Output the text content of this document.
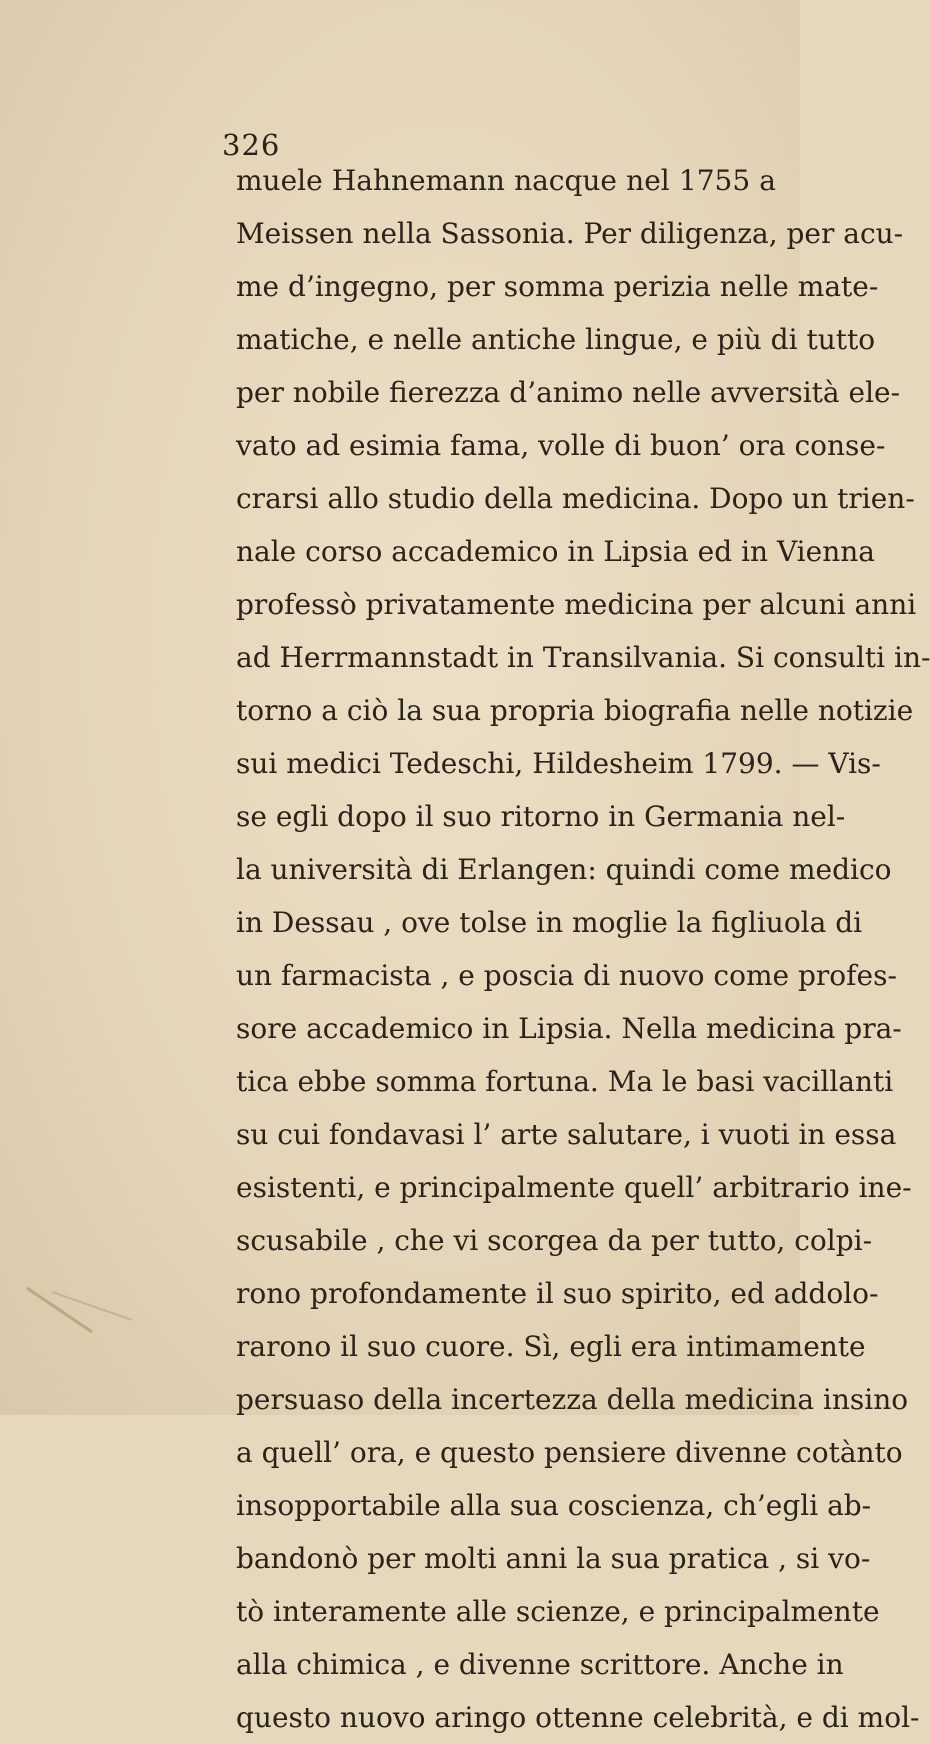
326
muele Hahnemann nacque nel 1755 a
Meissen nella Sassonia. Per diligenza, per acu-
me d’ingegno, per somma perizia nelle mate-
matiche, e nelle antiche lingue, e più di tutto
per nobile fierezza d’animo nelle avversità ele-
vato ad esimia fama, volle di buon’ ora conse-
crarsi allo studio della medicina. Dopo un trien-
nale corso accademico in Lipsia ed in Vienna
professò privatamente medicina per alcuni anni
ad Herrmannstadt in Transilvania. Si consulti in-
torno a ciò la sua propria biografia nelle notizie
sui medici Tedeschi, Hildesheim 1799. — Vis-
se egli dopo il suo ritorno in Germania nel-
la università di Erlangen: quindi come medico
in Dessau , ove tolse in moglie la figliuola di
un farmacista , e poscia di nuovo come profes-
sore accademico in Lipsia. Nella medicina pra-
tica ebbe somma fortuna. Ma le basi vacillanti
su cui fondavasi l’ arte salutare, i vuoti in essa
esistenti, e principalmente quell’ arbitrario ine-
scusabile , che vi scorgea da per tutto, colpi-
rono profondamente il suo spirito, ed addolo-
rarono il suo cuore. Sì, egli era intimamente
persuaso della incertezza della medicina insino
a quell’ ora, e questo pensiere divenne cotànto
insopportabile alla sua coscienza, ch’egli ab-
bandonò per molti anni la sua pratica , si vo-
tò interamente alle scienze, e principalmente
alla chimica , e divenne scrittore. Anche in
questo nuovo aringo ottenne celebrità, e di mol-
